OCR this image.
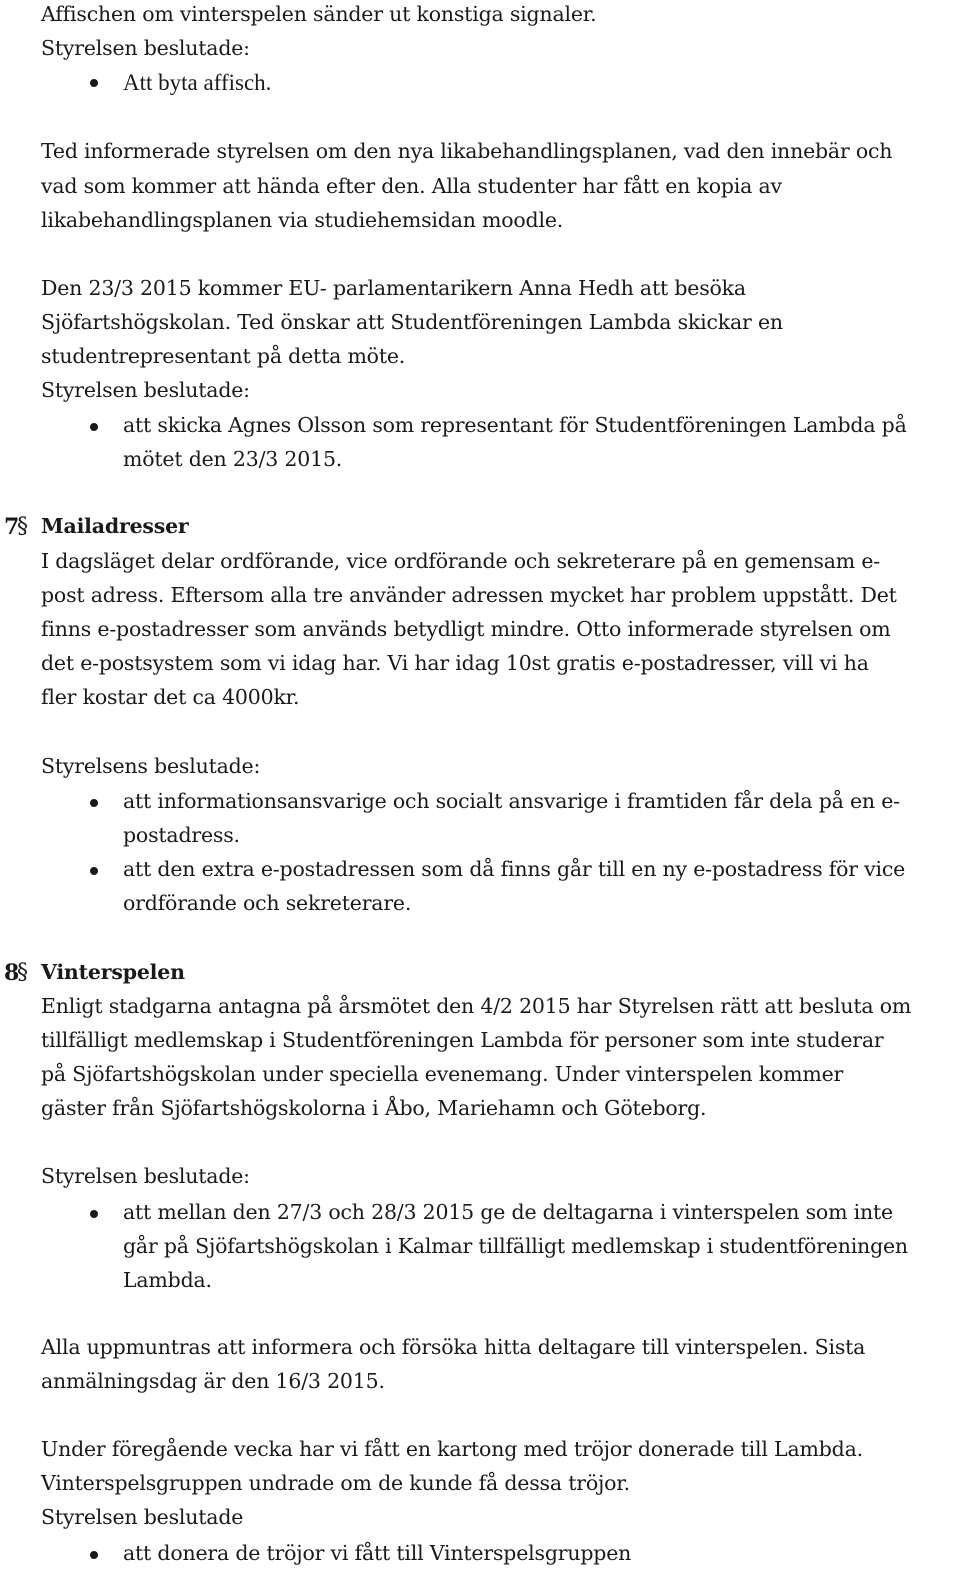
Affischen om vinterspelen sänder ut konstiga signaler.
Styrelsen beslutade:
Att byta affisch.
Ted informerade styrelsen om den nya likabehandlingsplanen, vad den innebär och
vad som kommer att hända efter den. Alla studenter har fått en kopia av
likabehandlingsplanen via studiehemsidan moodle.
Den 23/3 2015 kommer EU- parlamentarikern Anna Hedh att besöka
Sjöfartshögskolan. Ted önskar att Studentföreningen Lambda skickar en
studentrepresentant på detta möte.
Styrelsen beslutade:
att skicka Agnes Olsson som representant för Studentföreningen Lambda på
mötet den 23/3 2015.
7
§ Mailadresser
I dagsläget delar ordförande, vice ordförande och sekreterare på en gemensam e-
post adress. Eftersom alla tre använder adressen mycket har problem uppstått. Det
finns e-postadresser som används betydligt mindre. Otto informerade styrelsen om
det e-postsystem som vi idag har. Vi har idag 10st gratis e-postadresser, vill vi ha
fler kostar det ca 4000kr.
Styrelsens beslutade:
att informationsansvarige och socialt ansvarige i framtiden får dela på en e-
postadress.
att den extra e-postadressen som då finns går till en ny e-postadress för vice
ordförande och sekreterare.
8
§ Vinterspelen
Enligt stadgarna antagna på årsmötet den 4/2 2015 har Styrelsen rätt att besluta om
tillfälligt medlemskap i Studentföreningen Lambda för personer som inte studerar
på Sjöfartshögskolan under speciella evenemang. Under vinterspelen kommer
gäster från Sjöfartshögskolorna i Åbo, Mariehamn och Göteborg.
Styrelsen beslutade:
att mellan den 27/3 och 28/3 2015 ge de deltagarna i vinterspelen som inte
går på Sjöfartshögskolan i Kalmar tillfälligt medlemskap i studentföreningen
Lambda.
Alla uppmuntras att informera och försöka hitta deltagare till vinterspelen. Sista
anmälningsdag är den 16/3 2015.
Under föregående vecka har vi fått en kartong med tröjor donerade till Lambda.
Vinterspelsgruppen undrade om de kunde få dessa tröjor.
Styrelsen beslutade
att donera de tröjor vi fått till Vinterspelsgruppen
